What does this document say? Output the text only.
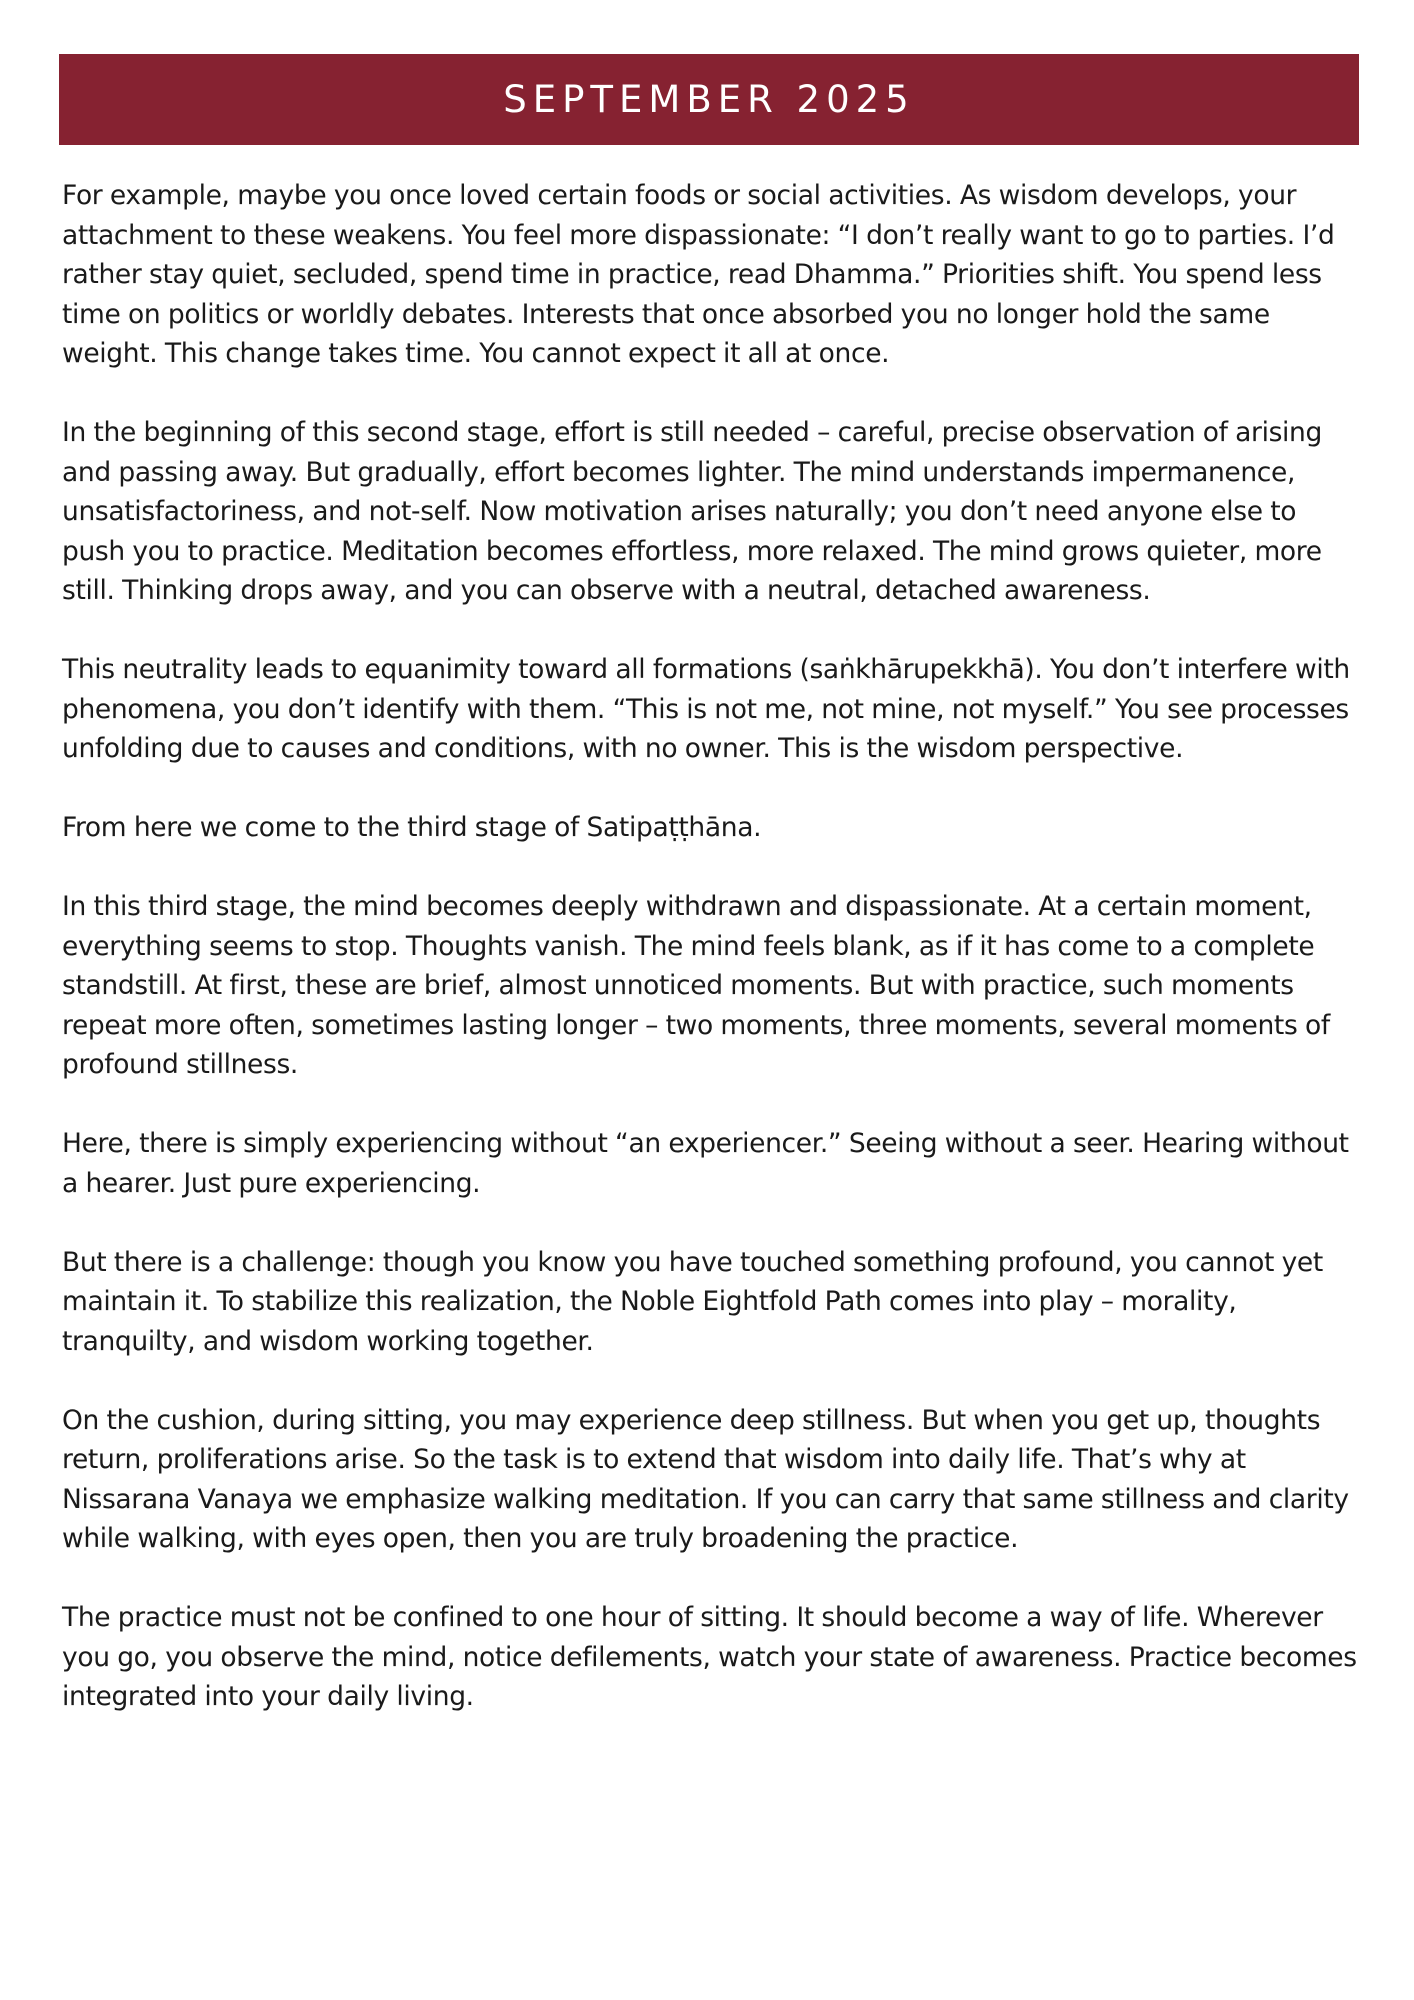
SEPTEMBER 2025

For example, maybe you once loved certain foods or social activities. As wisdom develops, your attachment to these weakens. You feel more dispassionate: “I don’t really want to go to parties. I’d rather stay quiet, secluded, spend time in practice, read Dhamma.” Priorities shift. You spend less time on politics or worldly debates. Interests that once absorbed you no longer hold the same weight. This change takes time. You cannot expect it all at once.

In the beginning of this second stage, effort is still needed – careful, precise observation of arising and passing away. But gradually, effort becomes lighter. The mind understands impermanence, unsatisfactoriness, and not-self. Now motivation arises naturally; you don’t need anyone else to push you to practice. Meditation becomes effortless, more relaxed. The mind grows quieter, more still. Thinking drops away, and you can observe with a neutral, detached awareness.

This neutrality leads to equanimity toward all formations (saṅkhārupekkhā). You don’t interfere with phenomena, you don’t identify with them. “This is not me, not mine, not myself.” You see processes unfolding due to causes and conditions, with no owner. This is the wisdom perspective.

From here we come to the third stage of Satipaṭṭhāna.

In this third stage, the mind becomes deeply withdrawn and dispassionate. At a certain moment, everything seems to stop. Thoughts vanish. The mind feels blank, as if it has come to a complete standstill. At first, these are brief, almost unnoticed moments. But with practice, such moments repeat more often, sometimes lasting longer – two moments, three moments, several moments of profound stillness.

Here, there is simply experiencing without “an experiencer.” Seeing without a seer. Hearing without a hearer. Just pure experiencing.

But there is a challenge: though you know you have touched something profound, you cannot yet maintain it. To stabilize this realization, the Noble Eightfold Path comes into play – morality, tranquilty, and wisdom working together.

On the cushion, during sitting, you may experience deep stillness. But when you get up, thoughts return, proliferations arise. So the task is to extend that wisdom into daily life. That’s why at Nissarana Vanaya we emphasize walking meditation. If you can carry that same stillness and clarity while walking, with eyes open, then you are truly broadening the practice.

The practice must not be confined to one hour of sitting. It should become a way of life. Wherever you go, you observe the mind, notice defilements, watch your state of awareness. Practice becomes integrated into your daily living.
